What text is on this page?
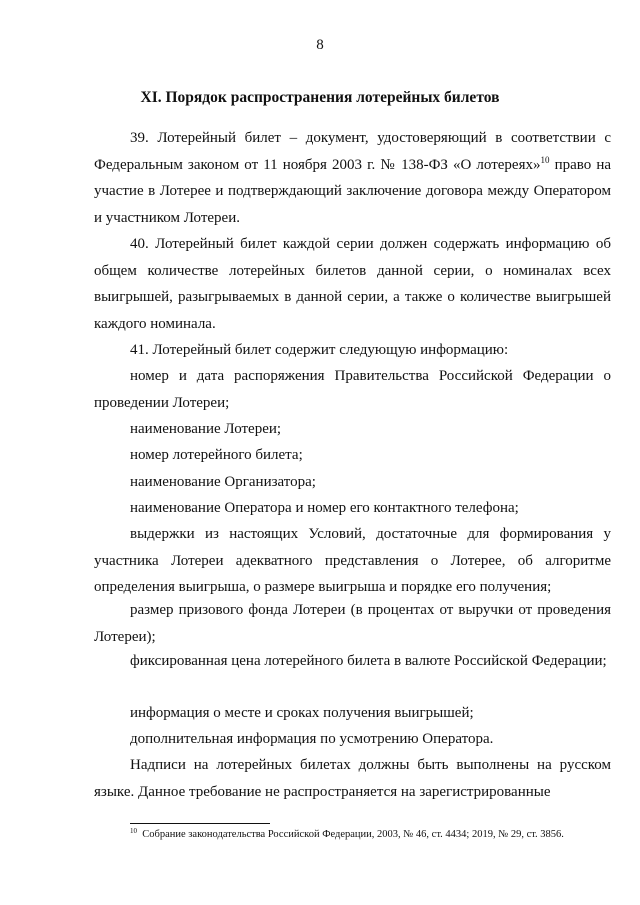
8
XI. Порядок распространения лотерейных билетов

39. Лотерейный билет – документ, удостоверяющий в соответствии с Федеральным законом от 11 ноября 2003 г. № 138-ФЗ «О лотереях»$^{10}$ право на участие в Лотерее и подтверждающий заключение договора между Оператором и участником Лотереи.

40. Лотерейный билет каждой серии должен содержать информацию об общем количестве лотерейных билетов данной серии, о номиналах всех выигрышей, разыгрываемых в данной серии, а также о количестве выигрышей каждого номинала.

41. Лотерейный билет содержит следующую информацию:

номер и дата распоряжения Правительства Российской Федерации о проведении Лотереи;

наименование Лотереи;

номер лотерейного билета;

наименование Организатора;

наименование Оператора и номер его контактного телефона;

выдержки из настоящих Условий, достаточные для формирования у участника Лотереи адекватного представления о Лотерее, об алгоритме определения выигрыша, о размере выигрыша и порядке его получения;

размер призового фонда Лотереи (в процентах от выручки от проведения Лотереи);

фиксированная цена лотерейного билета в валюте Российской Федерации;

информация о месте и сроках получения выигрышей;

дополнительная информация по усмотрению Оператора.

Надписи на лотерейных билетах должны быть выполнены на русском языке. Данное требование не распространяется на зарегистрированные

$^{10}$ Собрание законодательства Российской Федерации, 2003, № 46, ст. 4434; 2019, № 29, ст. 3856.
